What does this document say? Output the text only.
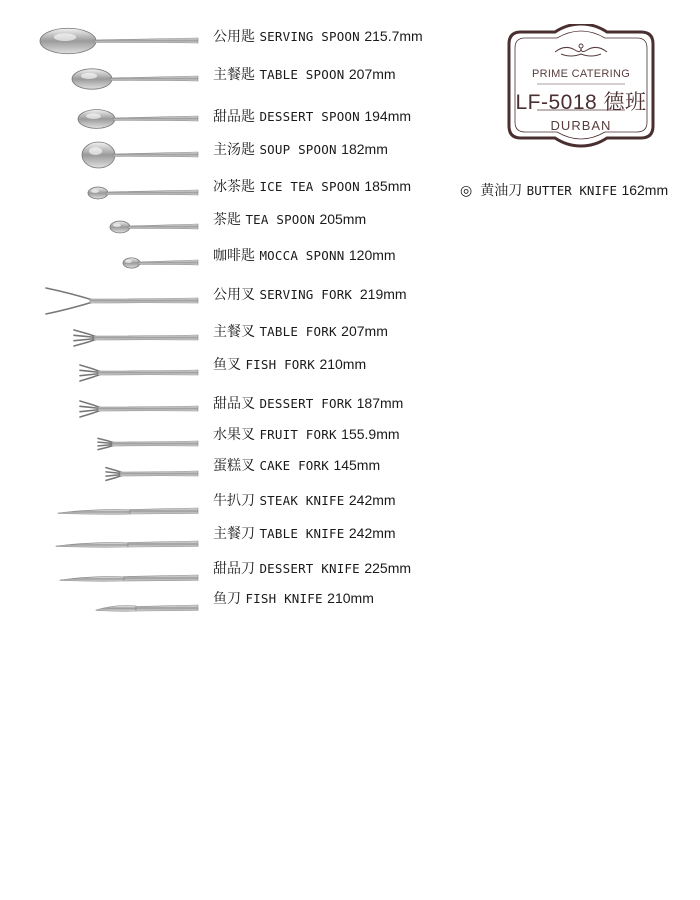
公用匙 SERVING SPOON 215.7mm
主餐匙 TABLE SPOON 207mm
甜品匙 DESSERT SPOON 194mm
主汤匙 SOUP SPOON 182mm
冰茶匙 ICE TEA SPOON 185mm
茶匙 TEA SPOON 205mm
咖啡匙 MOCCA SPONN 120mm
公用叉 SERVING FORK 219mm
主餐叉 TABLE FORK 207mm
鱼叉 FISH FORK 210mm
甜品叉 DESSERT FORK 187mm
水果叉 FRUIT FORK 155.9mm
蛋糕叉 CAKE FORK 145mm
牛扒刀 STEAK KNIFE 242mm
主餐刀 TABLE KNIFE 242mm
甜品刀 DESSERT KNIFE 225mm
鱼刀 FISH KNIFE 210mm
◎ 黄油刀 BUTTER KNIFE 162mm
PRIME CATERING
LF-5018 德班
DURBAN
